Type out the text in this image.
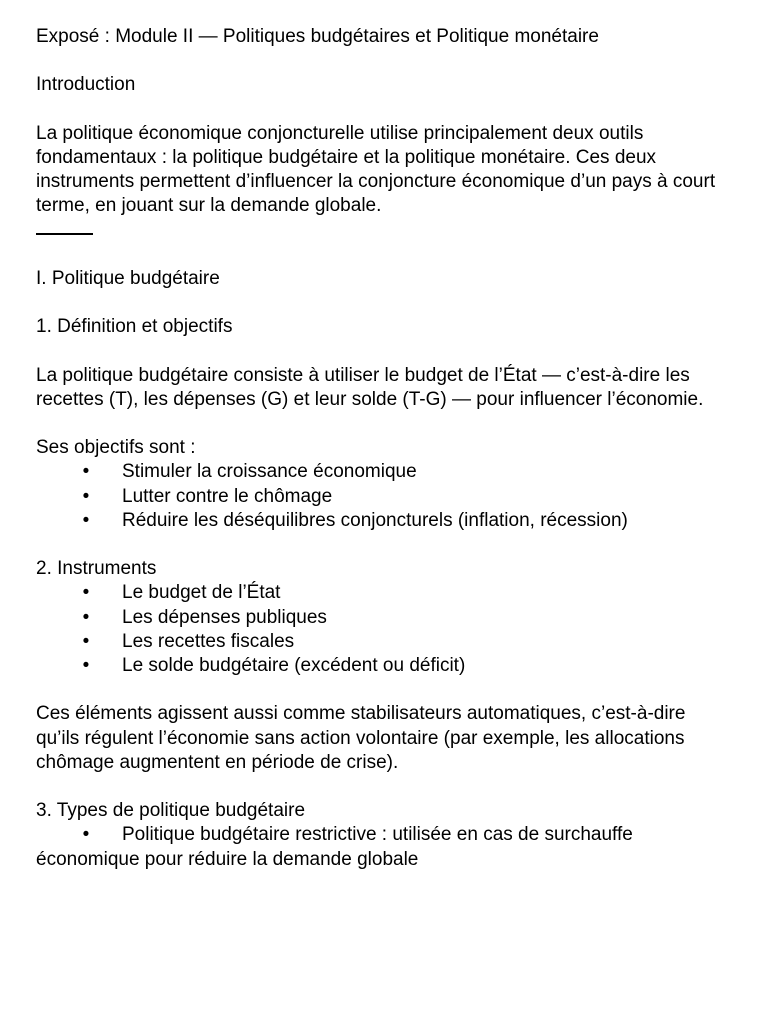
Exposé : Module II — Politiques budgétaires et Politique monétaire

Introduction

La politique économique conjoncturelle utilise principalement deux outils fondamentaux : la politique budgétaire et la politique monétaire. Ces deux instruments permettent d’influencer la conjoncture économique d’un pays à court terme, en jouant sur la demande globale.

I. Politique budgétaire

1. Définition et objectifs

La politique budgétaire consiste à utiliser le budget de l’État — c’est-à-dire les recettes (T), les dépenses (G) et leur solde (T-G) — pour influencer l’économie.

Ses objectifs sont :

• Stimuler la croissance économique

• Lutter contre le chômage

• Réduire les déséquilibres conjoncturels (inflation, récession)

2. Instruments

• Le budget de l’État

• Les dépenses publiques

• Les recettes fiscales

• Le solde budgétaire (excédent ou déficit)

Ces éléments agissent aussi comme stabilisateurs automatiques, c’est-à-dire qu’ils régulent l’économie sans action volontaire (par exemple, les allocations chômage augmentent en période de crise).

3. Types de politique budgétaire

• Politique budgétaire restrictive : utilisée en cas de surchauffe économique pour réduire la demande globale
